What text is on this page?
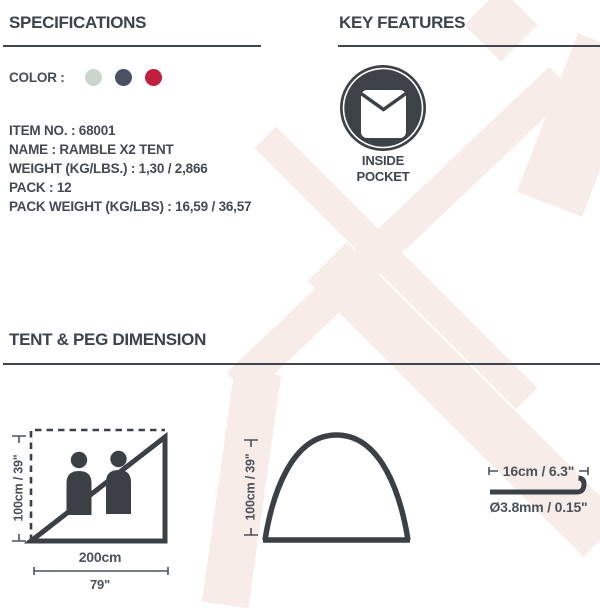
SPECIFICATIONS
COLOR :
ITEM NO. : 68001
NAME : RAMBLE X2 TENT
WEIGHT (KG/LBS.) : 1,30 / 2,866
PACK : 12
PACK WEIGHT (KG/LBS) : 16,59 / 36,57
KEY FEATURES
INSIDE
POCKET
TENT & PEG DIMENSION
100cm / 39"
200cm
79"
100cm / 39"	16cm / 6.3"
Ø3.8mm / 0.15"
